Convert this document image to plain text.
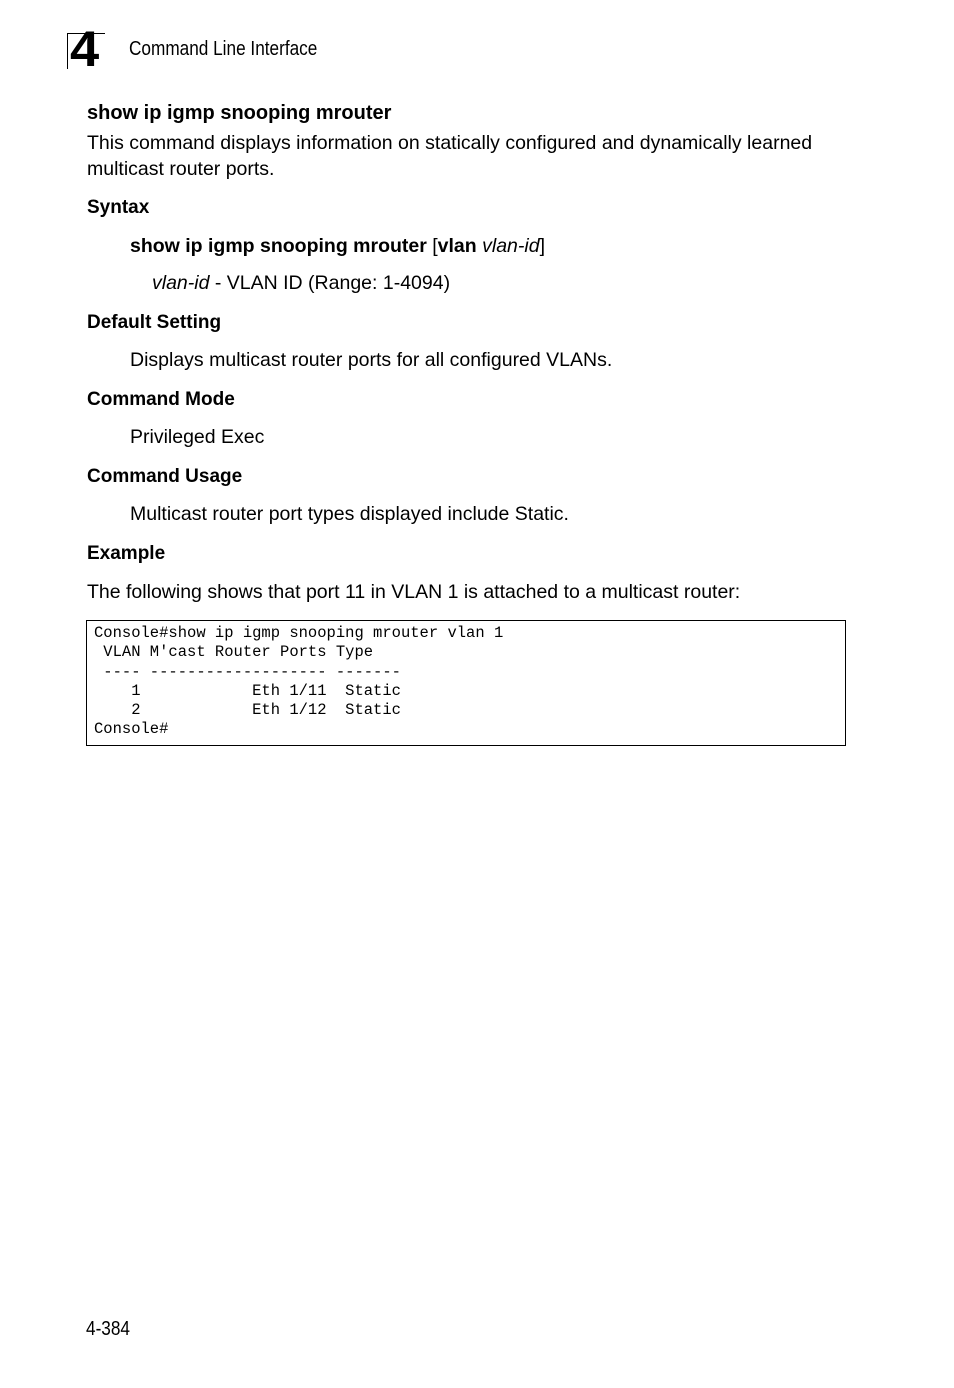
4 Command Line Interface
show ip igmp snooping mrouter
This command displays information on statically configured and dynamically learned multicast router ports.
Syntax
show ip igmp snooping mrouter [vlan vlan-id]
vlan-id - VLAN ID (Range: 1-4094)
Default Setting
Displays multicast router ports for all configured VLANs.
Command Mode
Privileged Exec
Command Usage
Multicast router port types displayed include Static.
Example
The following shows that port 11 in VLAN 1 is attached to a multicast router:
Console#show ip igmp snooping mrouter vlan 1
VLAN M'cast Router Ports Type
---- ------------------- -------
1            Eth 1/11  Static
2            Eth 1/12  Static
Console#
4-384
